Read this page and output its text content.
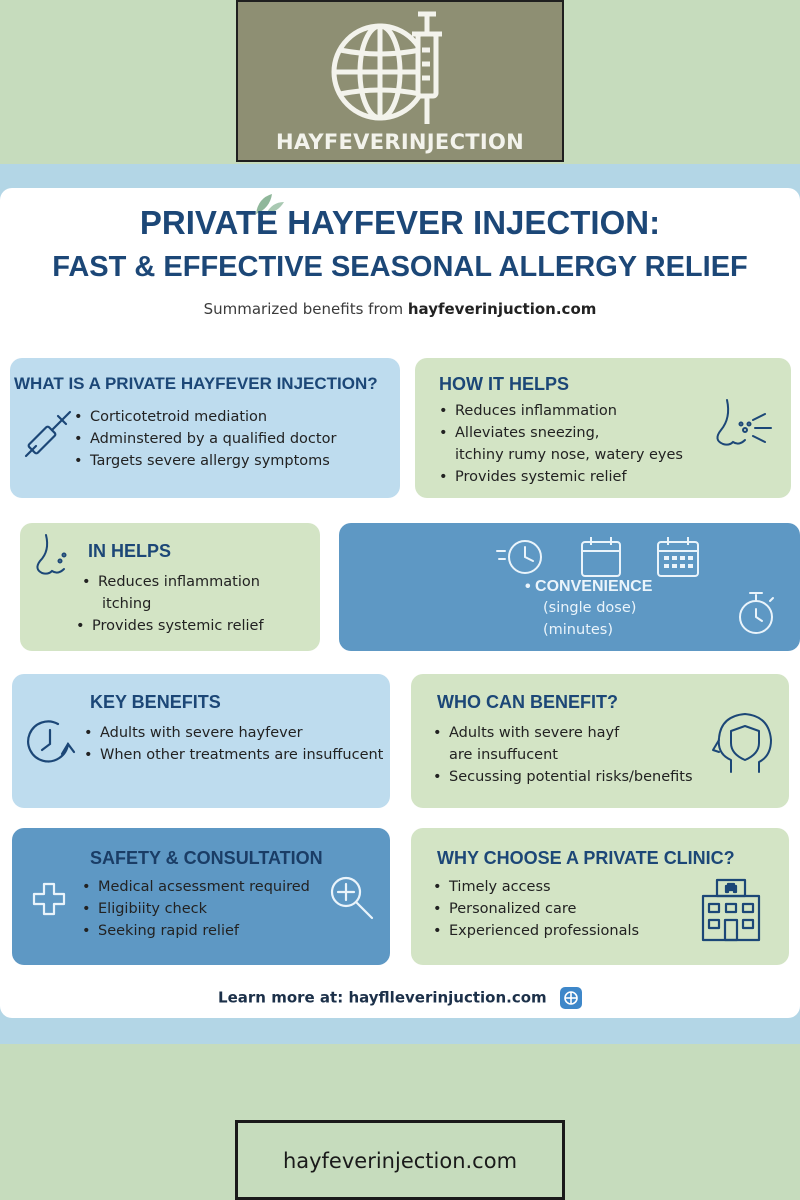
HAYFEVERINJECTION
PRIVATE HAYFEVER INJECTION:
FAST & EFFECTIVE SEASONAL ALLERGY RELIEF
Summarized benefits from hayfeverinjuction.com
WHAT IS A PRIVATE HAYFEVER INJECTION?
• Corticotetroid mediation
• Adminstered by a qualified doctor
• Targets severe allergy symptoms
HOW IT HELPS
• Reduces inflammation
• Alleviates sneezing,
itchiny rumy nose, watery eyes
• Provides systemic relief
IN HELPS
• Reduces inflammation
itching
• Provides systemic relief
• CONVENIENCE
(single dose)
(minutes)
KEY BENEFITS
• Adults with severe hayfever
• When other treatments are insuffucent
WHO CAN BENEFIT?
• Adults with severe hayf
are insuffucent
• Secussing potential risks/benefits
SAFETY & CONSULTATION
• Medical acsessment required
• Eligibiity check
• Seeking rapid relief
WHY CHOOSE A PRIVATE CLINIC?
• Timely access
• Personalized care
• Experienced professionals
Learn more at: hayflleverinjuction.com
hayfeverinjection.com
